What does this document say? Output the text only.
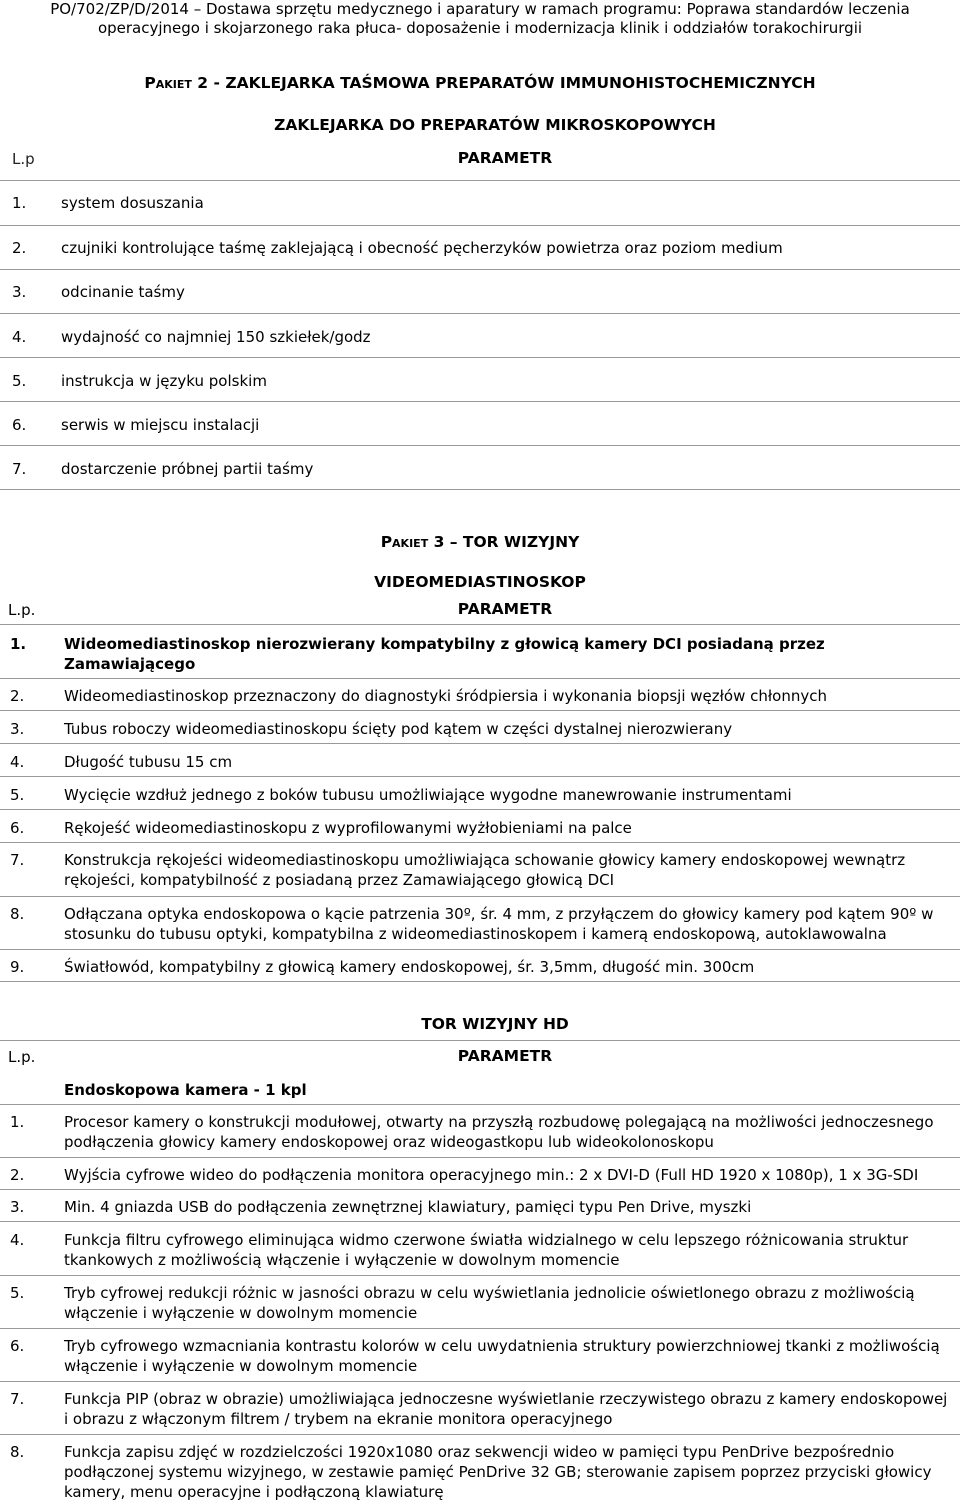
PO/702/ZP/D/2014 – Dostawa sprzętu medycznego i aparatury w ramach programu: Poprawa standardów leczenia
operacyjnego i skojarzonego raka płuca- doposażenie i modernizacja klinik i oddziałów torakochirurgii
Pakiet 2 - ZAKLEJARKA TAŚMOWA PREPARATÓW IMMUNOHISTOCHEMICZNYCH
ZAKLEJARKA DO PREPARATÓW MIKROSKOPOWYCH
L.p	PARAMETR
1. system dosuszania
2. czujniki kontrolujące taśmę zaklejającą i obecność pęcherzyków powietrza oraz poziom medium
3. odcinanie taśmy
4. wydajność co najmniej 150 szkiełek/godz
5. instrukcja w języku polskim
6. serwis w miejscu instalacji
7. dostarczenie próbnej partii taśmy
Pakiet 3 – TOR WIZYJNY
VIDEOMEDIASTINOSKOP
L.p.	PARAMETR
1.	Wideomediastinoskop nierozwierany kompatybilny z głowicą kamery DCI posiadaną przez Zamawiającego
2.	Wideomediastinoskop przeznaczony do diagnostyki śródpiersia i wykonania biopsji węzłów chłonnych
3.	Tubus roboczy wideomediastinoskopu ścięty pod kątem w części dystalnej nierozwierany
4.	Długość tubusu 15 cm
5.	Wycięcie wzdłuż jednego z boków tubusu umożliwiające wygodne manewrowanie instrumentami
6.	Rękojeść wideomediastinoskopu z wyprofilowanymi wyżłobieniami na palce
7.	Konstrukcja rękojeści wideomediastinoskopu umożliwiająca schowanie głowicy kamery endoskopowej wewnątrz rękojeści, kompatybilność z posiadaną przez Zamawiającego głowicą DCI
8.	Odłączana optyka endoskopowa o kącie patrzenia 30º, śr. 4 mm, z przyłączem do głowicy kamery pod kątem 90º w stosunku do tubusu optyki, kompatybilna z wideomediastinoskopem i kamerą endoskopową, autoklawowalna
9.	Światłowód, kompatybilny z głowicą kamery endoskopowej, śr. 3,5mm, długość min. 300cm
TOR WIZYJNY HD
L.p.	PARAMETR
Endoskopowa kamera - 1 kpl
1.	Procesor kamery o konstrukcji modułowej, otwarty na przyszłą rozbudowę polegającą na możliwości jednoczesnego podłączenia głowicy kamery endoskopowej oraz wideogastkopu lub wideokolonoskopu
2.	Wyjścia cyfrowe wideo do podłączenia monitora operacyjnego min.: 2 x DVI-D (Full HD 1920 x 1080p), 1 x 3G-SDI
3.	Min. 4 gniazda USB do podłączenia zewnętrznej klawiatury, pamięci typu Pen Drive, myszki
4.	Funkcja filtru cyfrowego eliminująca widmo czerwone światła widzialnego w celu lepszego różnicowania struktur tkankowych z możliwością włączenie i wyłączenie w dowolnym momencie
5.	Tryb cyfrowej redukcji różnic w jasności obrazu w celu wyświetlania jednolicie oświetlonego obrazu z możliwością włączenie i wyłączenie w dowolnym momencie
6.	Tryb cyfrowego wzmacniania kontrastu kolorów w celu uwydatnienia struktury powierzchniowej tkanki z możliwością włączenie i wyłączenie w dowolnym momencie
7.	Funkcja PIP (obraz w obrazie) umożliwiająca jednoczesne wyświetlanie rzeczywistego obrazu z kamery endoskopowej i obrazu z włączonym filtrem / trybem na ekranie monitora operacyjnego
8.	Funkcja zapisu zdjęć w rozdzielczości 1920x1080 oraz sekwencji wideo w pamięci typu PenDrive bezpośrednio podłączonej systemu wizyjnego, w zestawie pamięć PenDrive 32 GB; sterowanie zapisem poprzez przyciski głowicy kamery, menu operacyjne i podłączoną klawiaturę
